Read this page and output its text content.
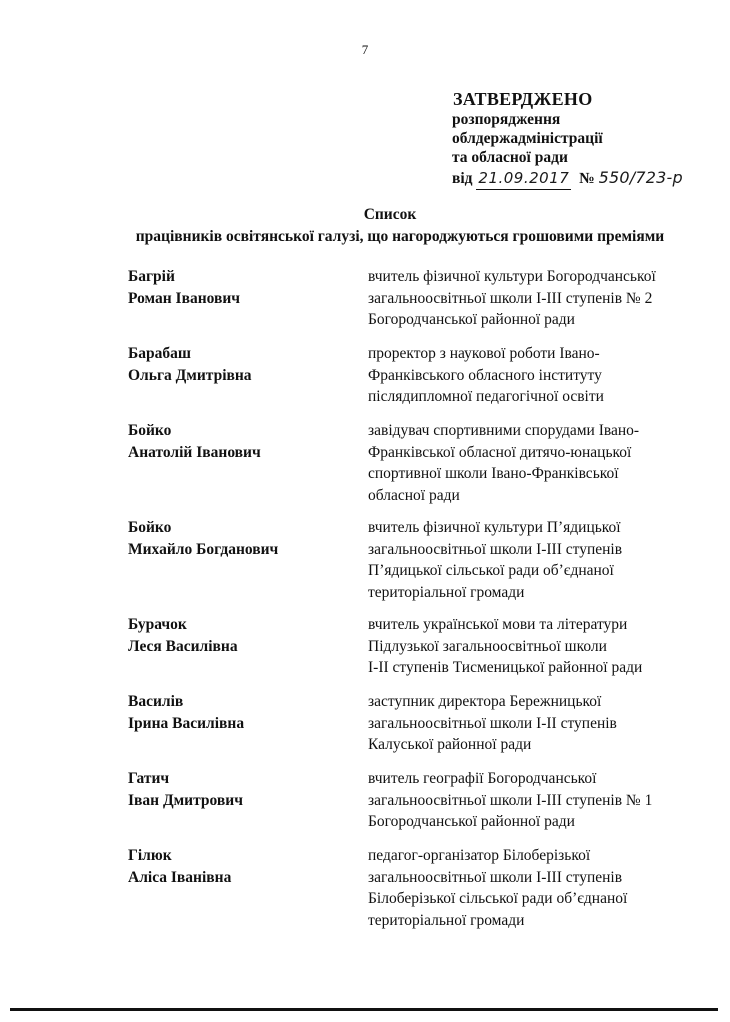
7
ЗАТВЕРДЖЕНО
розпорядження
облдержадміністрації
та обласної ради
від 21.09.2017 № 550/723-р
Список
працівників освітянської галузі, що нагороджуються грошовими преміями
Багрій
Роман Іванович
вчитель фізичної культури Богородчанської
загальноосвітньої школи І-ІІІ ступенів № 2
Богородчанської районної ради
Барабаш
Ольга Дмитрівна
проректор з наукової роботи Івано-
Франківського обласного інституту
післядипломної педагогічної освіти
Бойко
Анатолій Іванович
завідувач спортивними спорудами Івано-
Франківської обласної дитячо-юнацької
спортивної школи Івано-Франківської
обласної ради
Бойко
Михайло Богданович
вчитель фізичної культури П’ядицької
загальноосвітньої школи І-ІІІ ступенів
П’ядицької сільської ради об’єднаної
територіальної громади
Бурачок
Леся Василівна
вчитель української мови та літератури
Підлузької загальноосвітньої школи
І-ІІ ступенів Тисменицької районної ради
Василів
Ірина Василівна
заступник директора Бережницької
загальноосвітньої школи І-ІІ ступенів
Калуської районної ради
Гатич
Іван Дмитрович
вчитель географії Богородчанської
загальноосвітньої школи І-ІІІ ступенів № 1
Богородчанської районної ради
Гілюк
Аліса Іванівна
педагог-організатор Білоберізької
загальноосвітньої школи І-ІІІ ступенів
Білоберізької сільської ради об’єднаної
територіальної громади
